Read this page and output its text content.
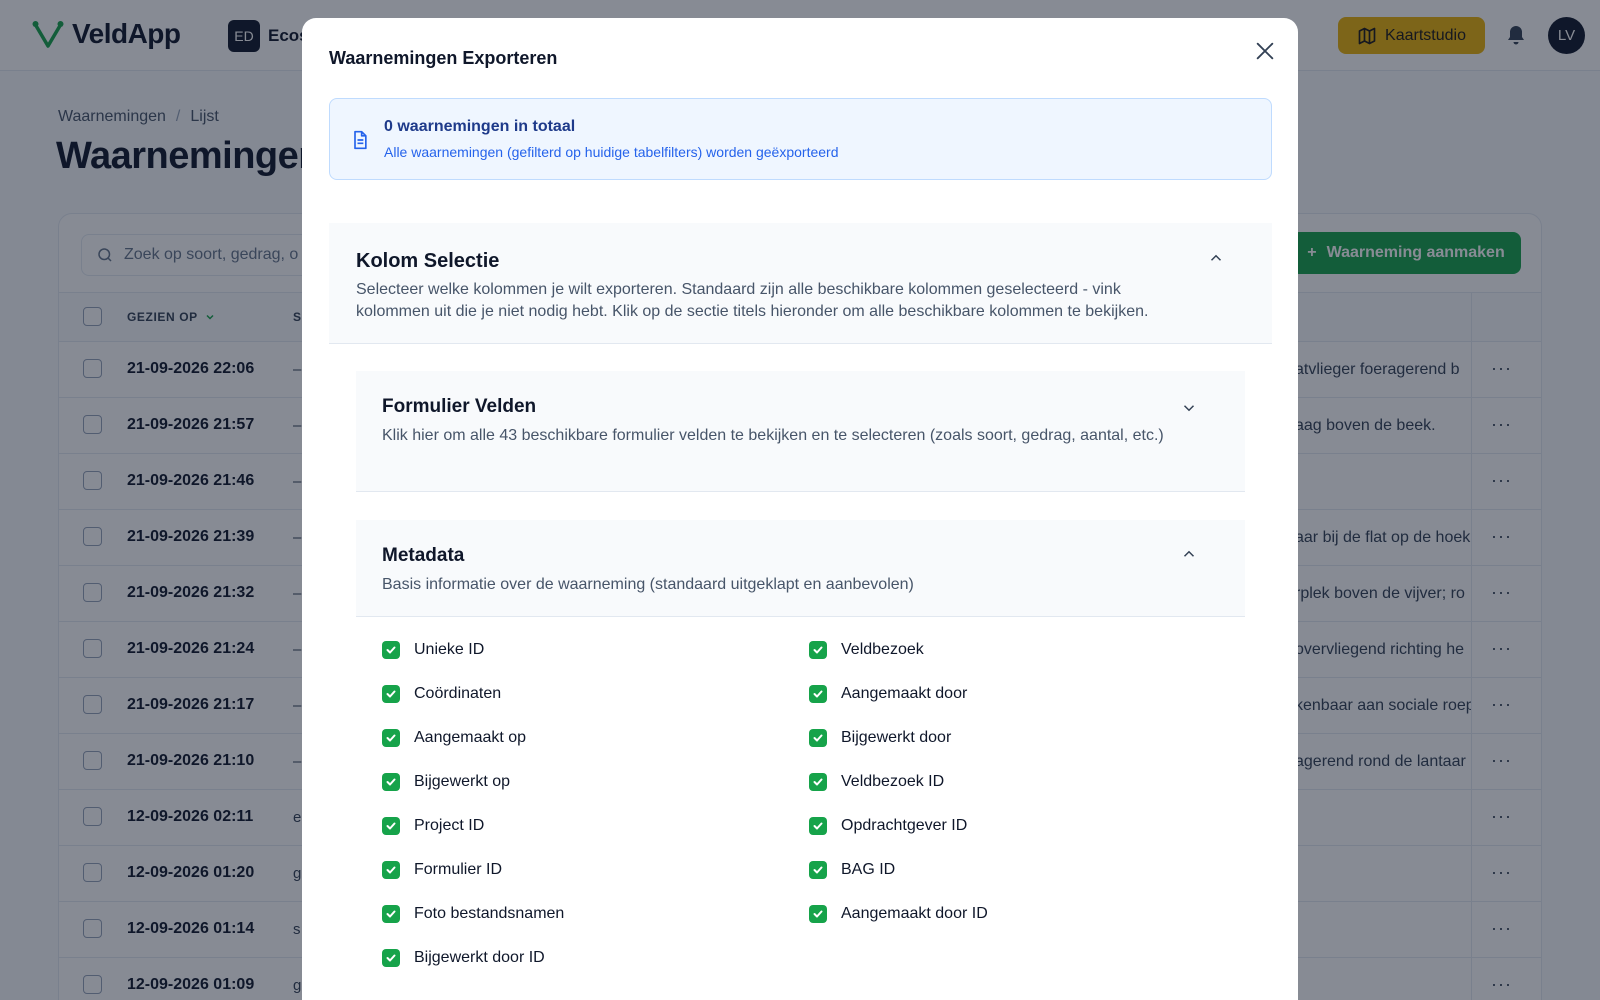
Waarnemingen Exporteren
0 waarnemingen in totaal
Alle waarnemingen (gefilterd op huidige tabelfilters) worden geëxporteerd
Kolom Selectie
Selecteer welke kolommen je wilt exporteren. Standaard zijn alle beschikbare kolommen geselecteerd - vink kolommen uit die je niet nodig hebt. Klik op de sectie titels hieronder om alle beschikbare kolommen te bekijken.
Formulier Velden
Klik hier om alle 43 beschikbare formulier velden te bekijken en te selecteren (zoals soort, gedrag, aantal, etc.)
Metadata
Basis informatie over de waarneming (standaard uitgeklapt en aanbevolen)
Unieke ID	Veldbezoek
Coördinaten	Aangemaakt door
Aangemaakt op	Bijgewerkt door
Bijgewerkt op	Veldbezoek ID
Project ID	Opdrachtgever ID
Formulier ID	BAG ID
Foto bestandsnamen	Aangemaakt door ID
Bijgewerkt door ID
